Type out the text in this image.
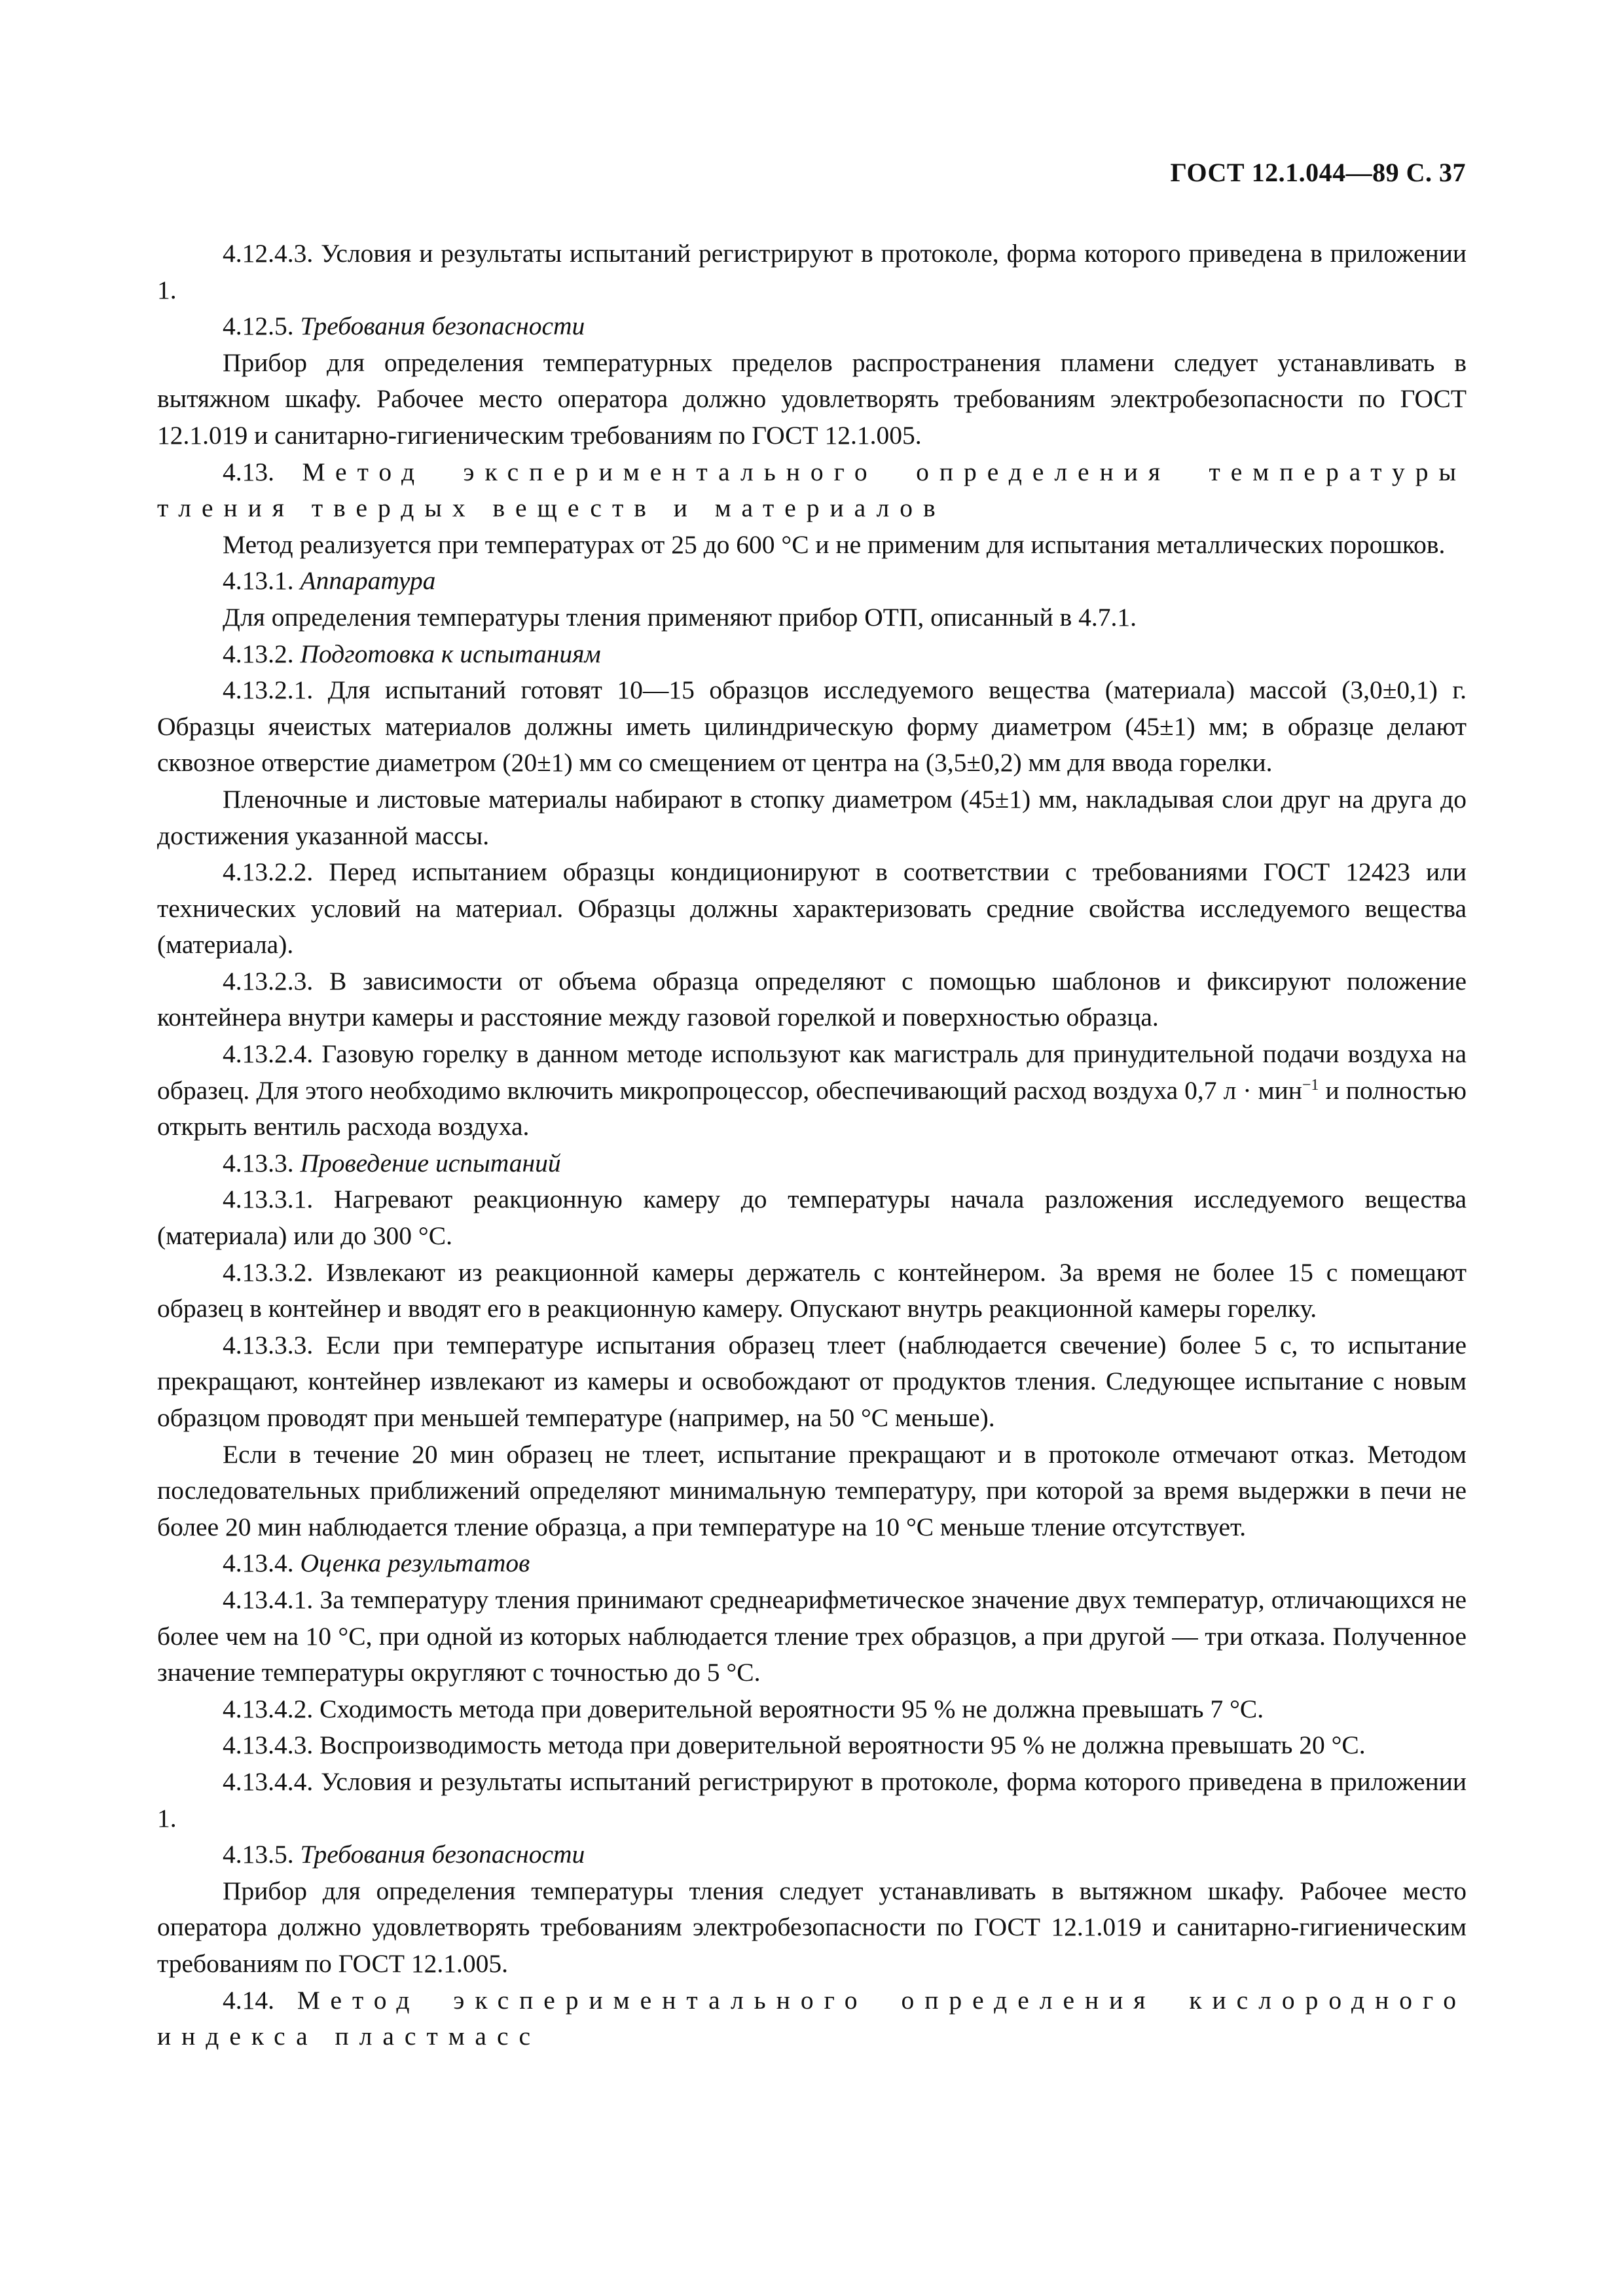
ГОСТ 12.1.044—89 С. 37

4.12.4.3. Условия и результаты испытаний регистрируют в протоколе, форма которого приведена в приложении 1.

4.12.5. Требования безопасности

Прибор для определения температурных пределов распространения пламени следует устанавливать в вытяжном шкафу. Рабочее место оператора должно удовлетворять требованиям электробезопасности по ГОСТ 12.1.019 и санитарно-гигиеническим требованиям по ГОСТ 12.1.005.

4.13. Метод экспериментального определения температуры тления твердых веществ и материалов

Метод реализуется при температурах от 25 до 600 °С и не применим для испытания металлических порошков.

4.13.1. Аппаратура

Для определения температуры тления применяют прибор ОТП, описанный в 4.7.1.

4.13.2. Подготовка к испытаниям

4.13.2.1. Для испытаний готовят 10—15 образцов исследуемого вещества (материала) массой (3,0±0,1) г. Образцы ячеистых материалов должны иметь цилиндрическую форму диаметром (45±1) мм; в образце делают сквозное отверстие диаметром (20±1) мм со смещением от центра на (3,5±0,2) мм для ввода горелки.

Пленочные и листовые материалы набирают в стопку диаметром (45±1) мм, накладывая слои друг на друга до достижения указанной массы.

4.13.2.2. Перед испытанием образцы кондиционируют в соответствии с требованиями ГОСТ 12423 или технических условий на материал. Образцы должны характеризовать средние свойства исследуемого вещества (материала).

4.13.2.3. В зависимости от объема образца определяют с помощью шаблонов и фиксируют положение контейнера внутри камеры и расстояние между газовой горелкой и поверхностью образца.

4.13.2.4. Газовую горелку в данном методе используют как магистраль для принудительной подачи воздуха на образец. Для этого необходимо включить микропроцессор, обеспечивающий расход воздуха 0,7 л · мин$^{-1}$ и полностью открыть вентиль расхода воздуха.

4.13.3. Проведение испытаний

4.13.3.1. Нагревают реакционную камеру до температуры начала разложения исследуемого вещества (материала) или до 300 °С.

4.13.3.2. Извлекают из реакционной камеры держатель с контейнером. За время не более 15 с помещают образец в контейнер и вводят его в реакционную камеру. Опускают внутрь реакционной камеры горелку.

4.13.3.3. Если при температуре испытания образец тлеет (наблюдается свечение) более 5 с, то испытание прекращают, контейнер извлекают из камеры и освобождают от продуктов тления. Следующее испытание с новым образцом проводят при меньшей температуре (например, на 50 °С меньше).

Если в течение 20 мин образец не тлеет, испытание прекращают и в протоколе отмечают отказ. Методом последовательных приближений определяют минимальную температуру, при которой за время выдержки в печи не более 20 мин наблюдается тление образца, а при температуре на 10 °С меньше тление отсутствует.

4.13.4. Оценка результатов

4.13.4.1. За температуру тления принимают среднеарифметическое значение двух температур, отличающихся не более чем на 10 °С, при одной из которых наблюдается тление трех образцов, а при другой — три отказа. Полученное значение температуры округляют с точностью до 5 °С.

4.13.4.2. Сходимость метода при доверительной вероятности 95 % не должна превышать 7 °С.

4.13.4.3. Воспроизводимость метода при доверительной вероятности 95 % не должна превышать 20 °С.

4.13.4.4. Условия и результаты испытаний регистрируют в протоколе, форма которого приведена в приложении 1.

4.13.5. Требования безопасности

Прибор для определения температуры тления следует устанавливать в вытяжном шкафу. Рабочее место оператора должно удовлетворять требованиям электробезопасности по ГОСТ 12.1.019 и санитарно-гигиеническим требованиям по ГОСТ 12.1.005.

4.14. Метод экспериментального определения кислородного индекса пластмасс
